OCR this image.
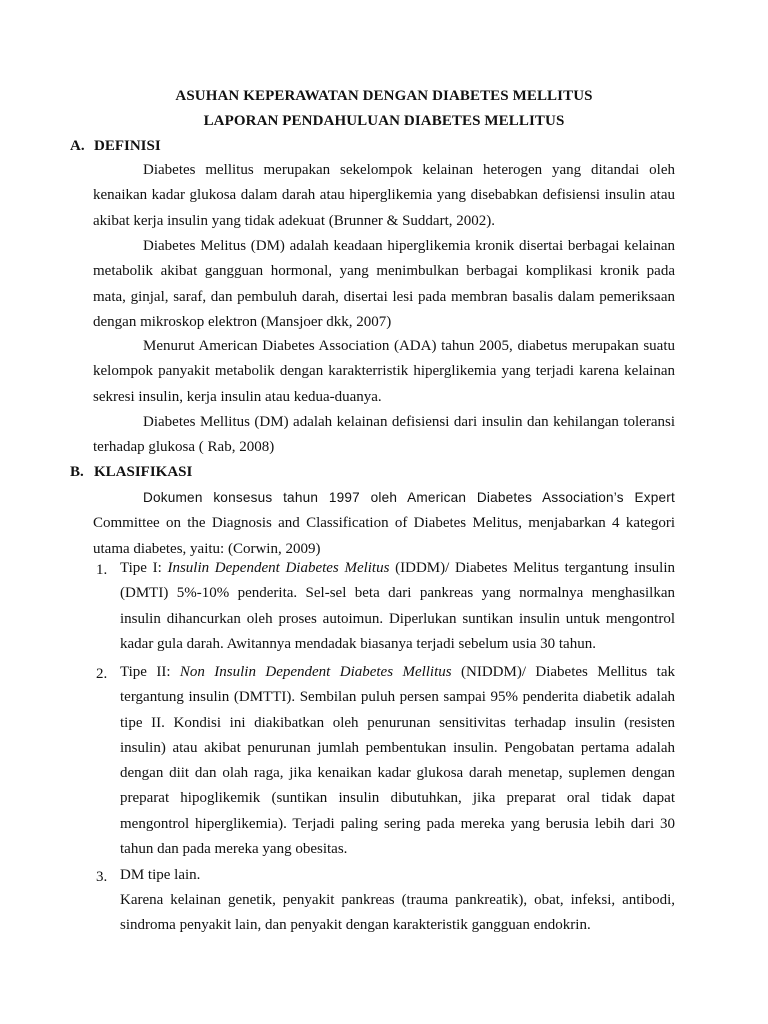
ASUHAN KEPERAWATAN DENGAN DIABETES MELLITUS
LAPORAN PENDAHULUAN DIABETES MELLITUS
A. DEFINISI

Diabetes mellitus merupakan sekelompok kelainan heterogen yang ditandai oleh kenaikan kadar glukosa dalam darah atau hiperglikemia yang disebabkan defisiensi insulin atau akibat kerja insulin yang tidak adekuat (Brunner & Suddart, 2002).

Diabetes Melitus (DM) adalah keadaan hiperglikemia kronik disertai berbagai kelainan metabolik akibat gangguan hormonal, yang menimbulkan berbagai komplikasi kronik pada mata, ginjal, saraf, dan pembuluh darah, disertai lesi pada membran basalis dalam pemeriksaan dengan mikroskop elektron (Mansjoer dkk, 2007)

Menurut American Diabetes Association (ADA) tahun 2005, diabetus merupakan suatu kelompok panyakit metabolik dengan karakterristik hiperglikemia yang terjadi karena kelainan sekresi insulin, kerja insulin atau kedua-duanya.

Diabetes Mellitus (DM) adalah kelainan defisiensi dari insulin dan kehilangan toleransi terhadap glukosa ( Rab, 2008)

B. KLASIFIKASI

Dokumen konsesus tahun 1997 oleh American Diabetes Association’s Expert Committee on the Diagnosis and Classification of Diabetes Melitus, menjabarkan 4 kategori utama diabetes, yaitu: (Corwin, 2009)

1. Tipe I: Insulin Dependent Diabetes Melitus (IDDM)/ Diabetes Melitus tergantung insulin (DMTI) 5%-10% penderita. Sel-sel beta dari pankreas yang normalnya menghasilkan insulin dihancurkan oleh proses autoimun. Diperlukan suntikan insulin untuk mengontrol kadar gula darah. Awitannya mendadak biasanya terjadi sebelum usia 30 tahun.

2. Tipe II: Non Insulin Dependent Diabetes Mellitus (NIDDM)/ Diabetes Mellitus tak tergantung insulin (DMTTI). Sembilan puluh persen sampai 95% penderita diabetik adalah tipe II. Kondisi ini diakibatkan oleh penurunan sensitivitas terhadap insulin (resisten insulin) atau akibat penurunan jumlah pembentukan insulin. Pengobatan pertama adalah dengan diit dan olah raga, jika kenaikan kadar glukosa darah menetap, suplemen dengan preparat hipoglikemik (suntikan insulin dibutuhkan, jika preparat oral tidak dapat mengontrol hiperglikemia). Terjadi paling sering pada mereka yang berusia lebih dari 30 tahun dan pada mereka yang obesitas.

3. DM tipe lain.

Karena kelainan genetik, penyakit pankreas (trauma pankreatik), obat, infeksi, antibodi, sindroma penyakit lain, dan penyakit dengan karakteristik gangguan endokrin.
